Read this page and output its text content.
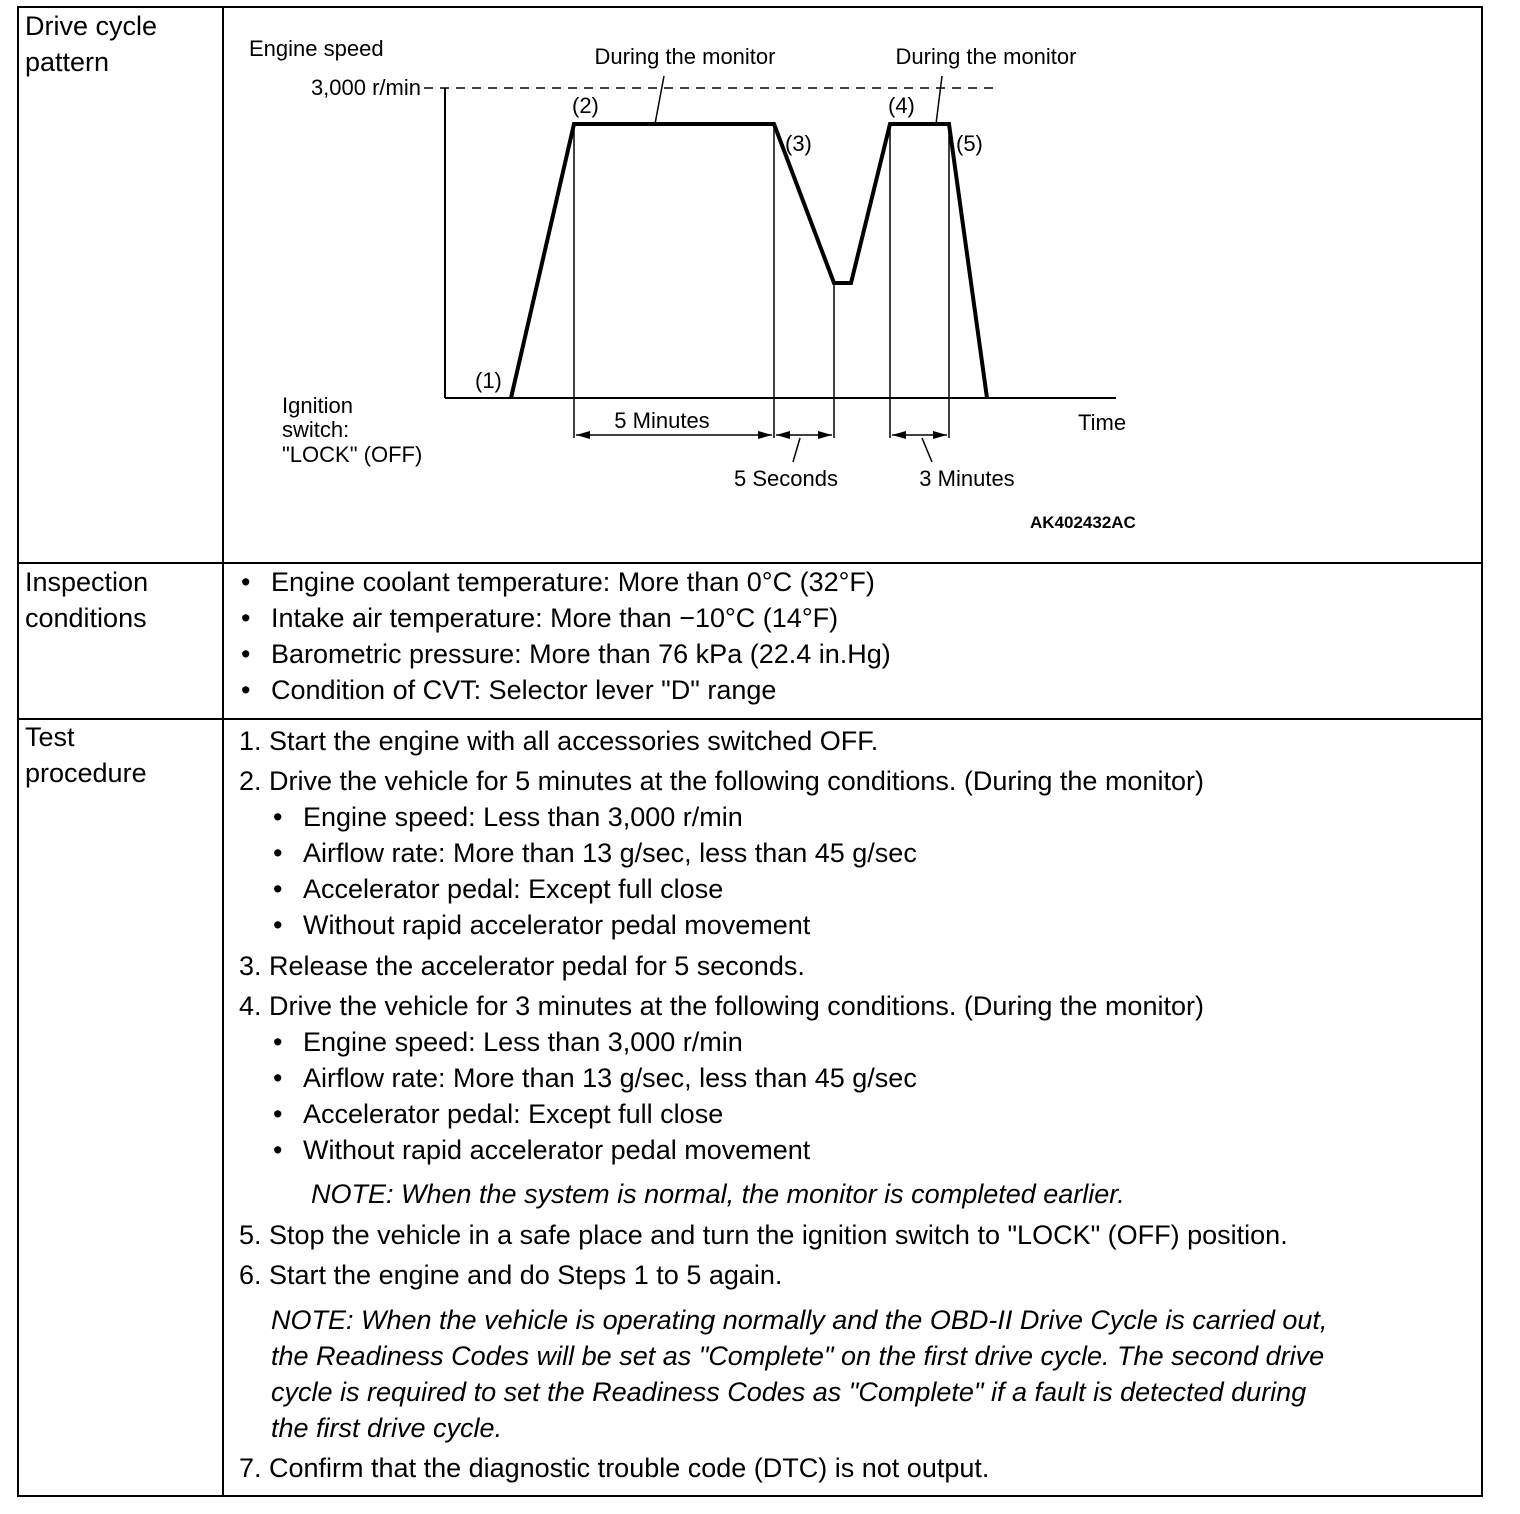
Drive cycle
pattern
Inspection
conditions
Test
procedure
Engine speed
3,000 r/min
During the monitor	During the monitor
(1)
(2)
(3)
(4)
(5)
Ignition
switch:
"LOCK" (OFF)
Time
5 Minutes
5 Seconds	3 Minutes
AK402432AC
• Engine coolant temperature: More than 0°C (32°F)
• Intake air temperature: More than −10°C (14°F)
• Barometric pressure: More than 76 kPa (22.4 in.Hg)
• Condition of CVT: Selector lever "D" range
1. Start the engine with all accessories switched OFF.
2. Drive the vehicle for 5 minutes at the following conditions. (During the monitor)
• Engine speed: Less than 3,000 r/min
• Airflow rate: More than 13 g/sec, less than 45 g/sec
• Accelerator pedal: Except full close
• Without rapid accelerator pedal movement
3. Release the accelerator pedal for 5 seconds.
4. Drive the vehicle for 3 minutes at the following conditions. (During the monitor)
• Engine speed: Less than 3,000 r/min
• Airflow rate: More than 13 g/sec, less than 45 g/sec
• Accelerator pedal: Except full close
• Without rapid accelerator pedal movement
NOTE: When the system is normal, the monitor is completed earlier.
5. Stop the vehicle in a safe place and turn the ignition switch to "LOCK" (OFF) position.
6. Start the engine and do Steps 1 to 5 again.
NOTE: When the vehicle is operating normally and the OBD-II Drive Cycle is carried out,
the Readiness Codes will be set as "Complete" on the first drive cycle. The second drive
cycle is required to set the Readiness Codes as "Complete" if a fault is detected during
the first drive cycle.
7. Confirm that the diagnostic trouble code (DTC) is not output.
